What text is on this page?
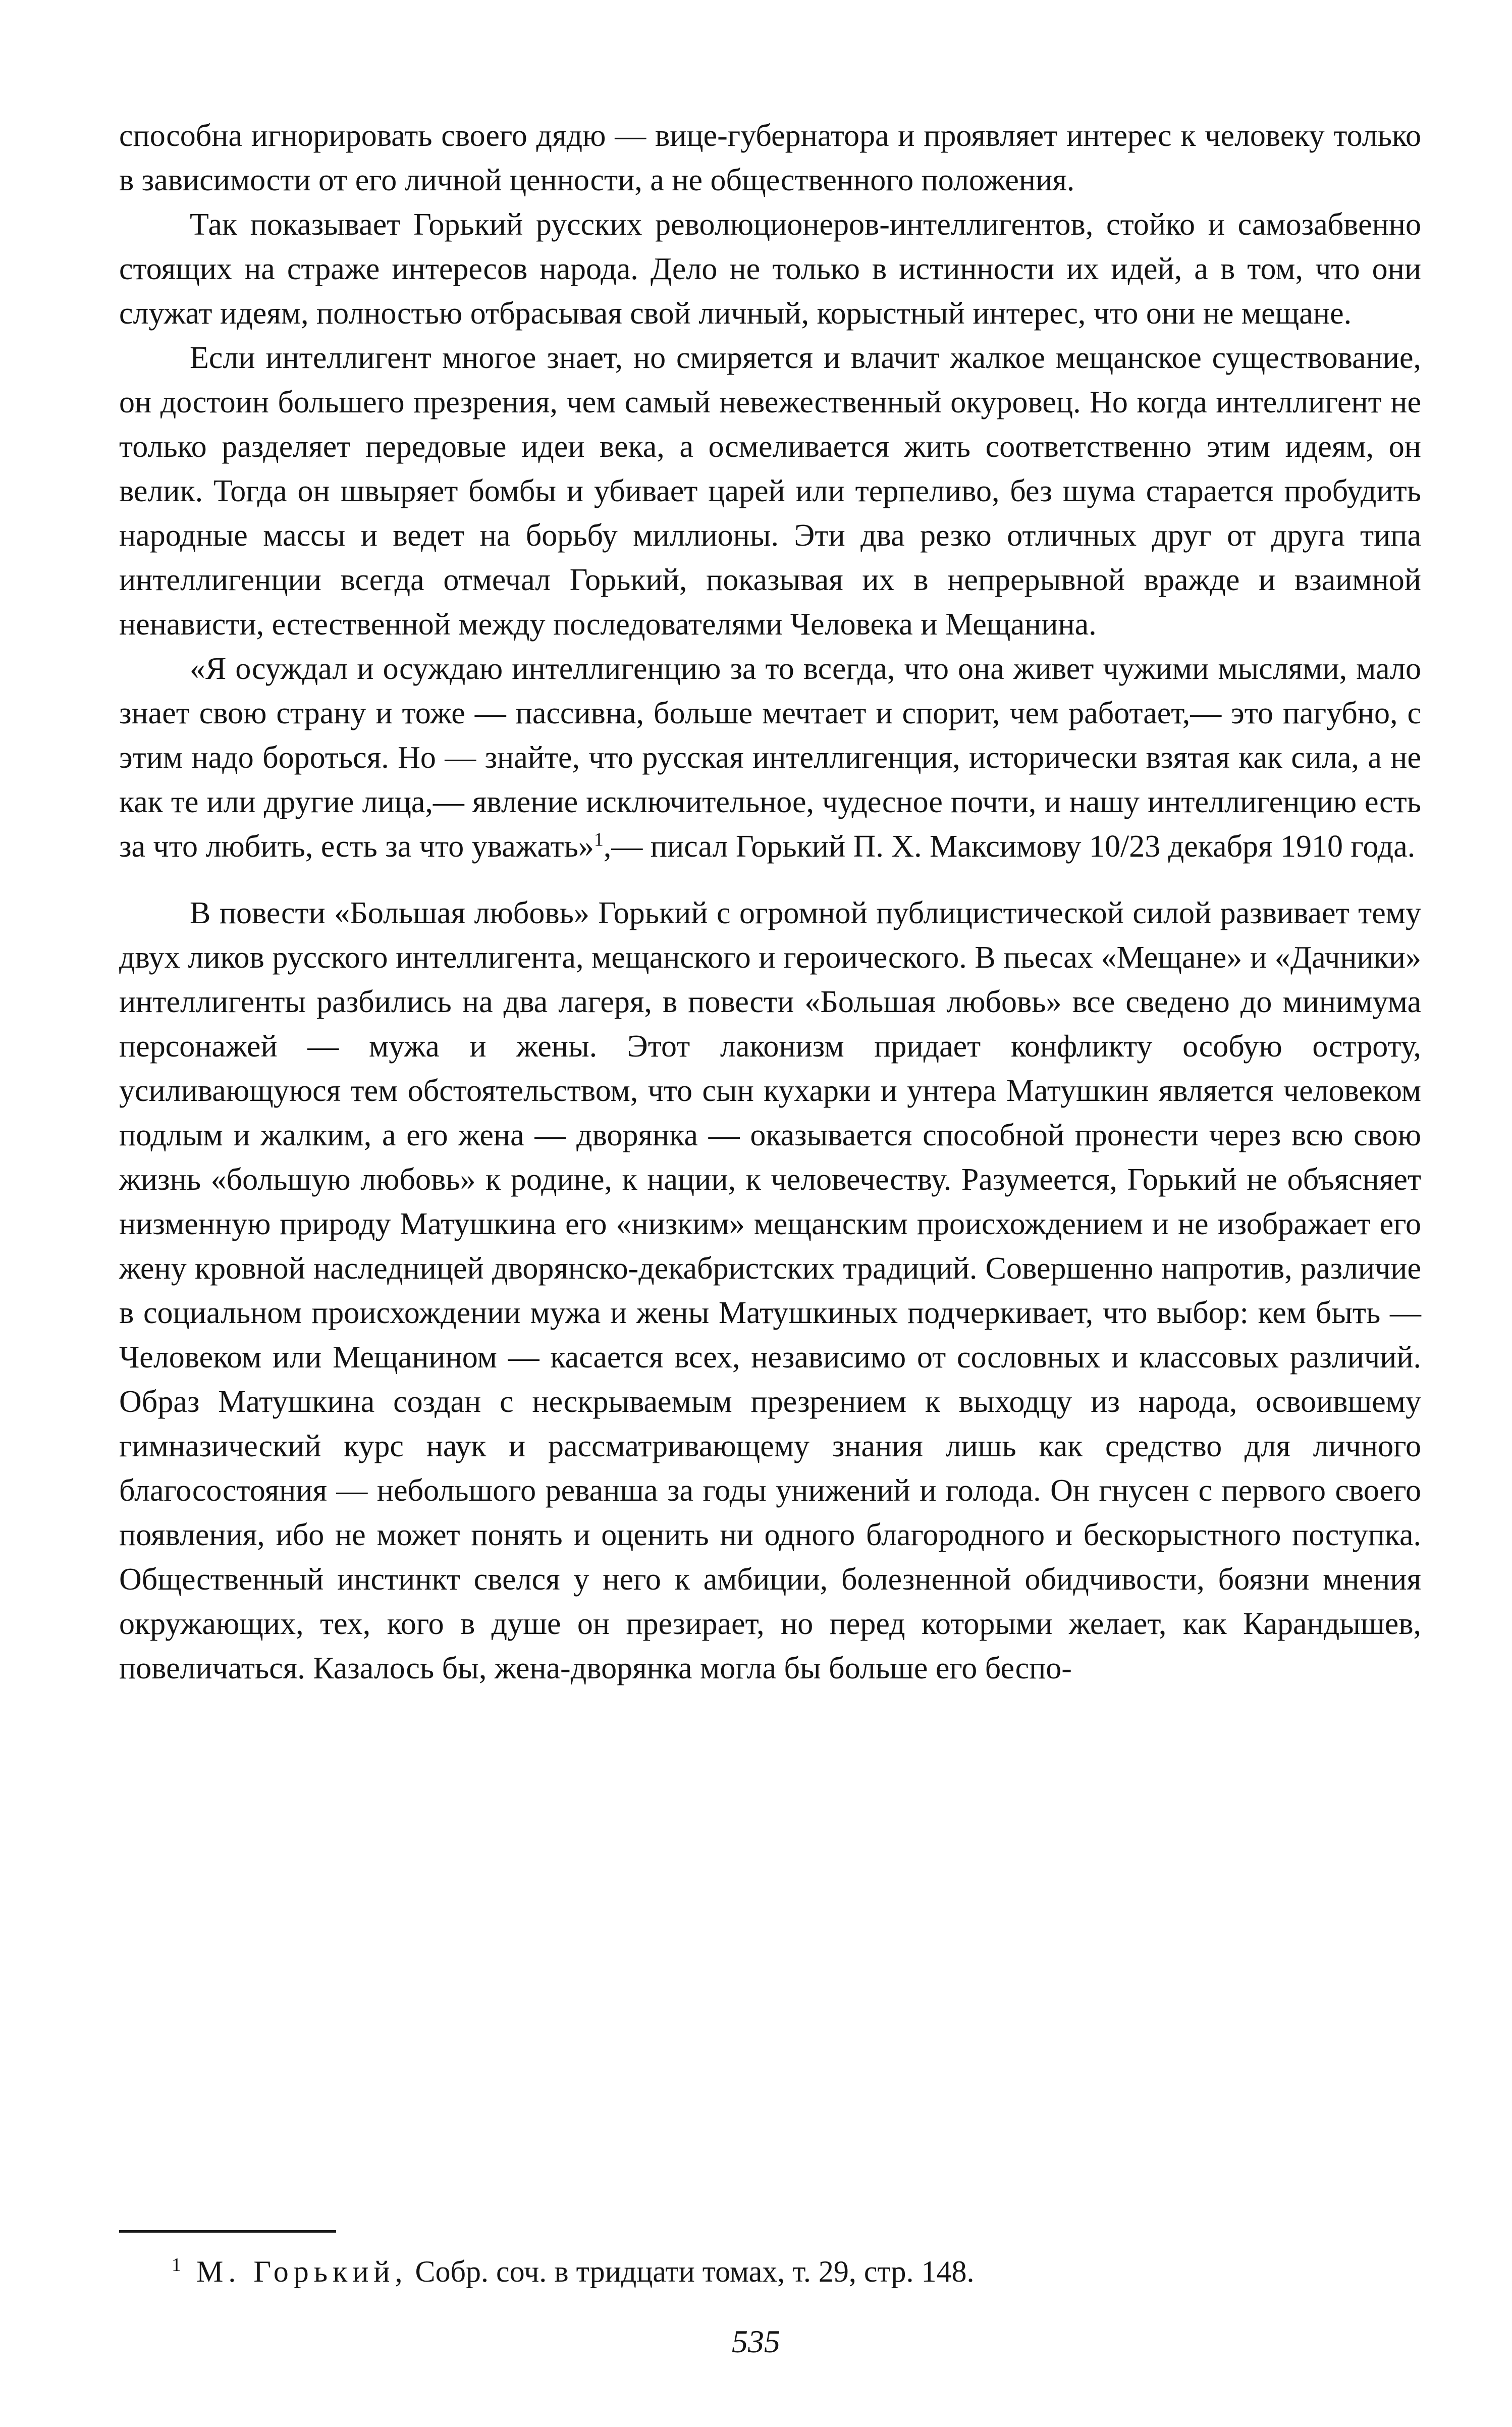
способна игнорировать своего дядю — вице-губернатора и проявляет интерес к человеку только в зависимости от его личной ценности, а не общественного положения.

Так показывает Горький русских революционеров-интеллигентов, стойко и самозабвенно стоящих на страже интересов народа. Дело не только в истинности их идей, а в том, что они служат идеям, полностью отбрасывая свой личный, корыстный интерес, что они не мещане.

Если интеллигент многое знает, но смиряется и влачит жалкое мещанское существование, он достоин большего презрения, чем самый невежественный окуровец. Но когда интеллигент не только разделяет передовые идеи века, а осмеливается жить соответственно этим идеям, он велик. Тогда он швыряет бомбы и убивает царей или терпеливо, без шума старается пробудить народные массы и ведет на борьбу миллионы. Эти два резко отличных друг от друга типа интеллигенции всегда отмечал Горький, показывая их в непрерывной вражде и взаимной ненависти, естественной между последователями Человека и Мещанина.

«Я осуждал и осуждаю интеллигенцию за то всегда, что она живет чужими мыслями, мало знает свою страну и тоже — пассивна, больше мечтает и спорит, чем работает,— это пагубно, с этим надо бороться. Но — знайте, что русская интеллигенция, исторически взятая как сила, а не как те или другие лица,— явление исключительное, чудесное почти, и нашу интеллигенцию есть за что любить, есть за что уважать»$^1$,— писал Горький П. Х. Максимову 10/23 декабря 1910 года.

В повести «Большая любовь» Горький с огромной публицистической силой развивает тему двух ликов русского интеллигента, мещанского и героического. В пьесах «Мещане» и «Дачники» интеллигенты разбились на два лагеря, в повести «Большая любовь» все сведено до минимума персонажей — мужа и жены. Этот лаконизм придает конфликту особую остроту, усиливающуюся тем обстоятельством, что сын кухарки и унтера Матушкин является человеком подлым и жалким, а его жена — дворянка — оказывается способной пронести через всю свою жизнь «большую любовь» к родине, к нации, к человечеству. Разумеется, Горький не объясняет низменную природу Матушкина его «низким» мещанским происхождением и не изображает его жену кровной наследницей дворянско-декабристских традиций. Совершенно напротив, различие в социальном происхождении мужа и жены Матушкиных подчеркивает, что выбор: кем быть — Человеком или Мещанином — касается всех, независимо от сословных и классовых различий. Образ Матушкина создан с нескрываемым презрением к выходцу из народа, освоившему гимназический курс наук и рассматривающему знания лишь как средство для личного благосостояния — небольшого реванша за годы унижений и голода. Он гнусен с первого своего появления, ибо не может понять и оценить ни одного благородного и бескорыстного поступка. Общественный инстинкт свелся у него к амбиции, болезненной обидчивости, боязни мнения окружающих, тех, кого в душе он презирает, но перед которыми желает, как Карандышев, повеличаться. Казалось бы, жена-дворянка могла бы больше его беспо-

$^1$ М. Горький, Собр. соч. в тридцати томах, т. 29, стр. 148.
535
